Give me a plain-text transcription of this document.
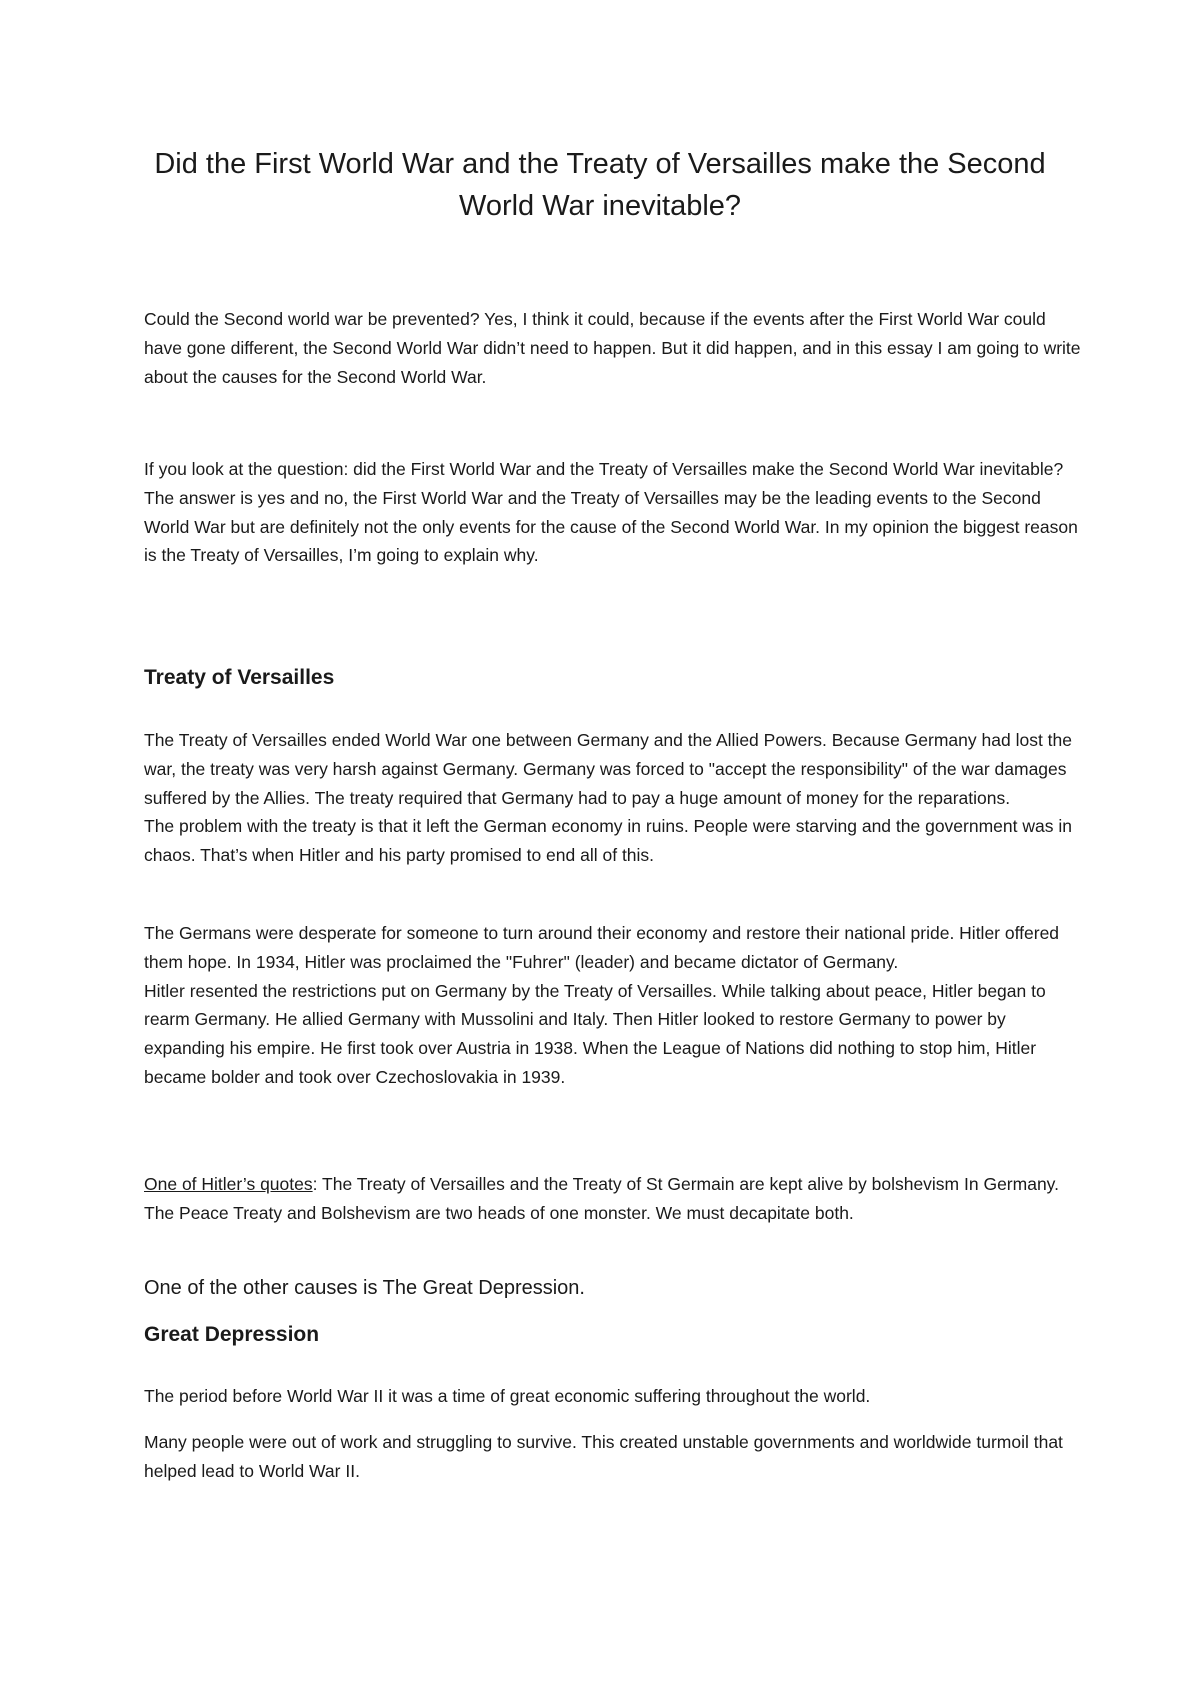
Did the First World War and the Treaty of Versailles make the Second World War inevitable?

Could the Second world war be prevented? Yes, I think it could, because if the events after the First World War could have gone different, the Second World War didn’t need to happen. But it did happen, and in this essay I am going to write about the causes for the Second World War.

If you look at the question: did the First World War and the Treaty of Versailles make the Second World War inevitable? The answer is yes and no, the First World War and the Treaty of Versailles may be the leading events to the Second World War but are definitely not the only events for the cause of the Second World War. In my opinion the biggest reason is the Treaty of Versailles, I’m going to explain why.

Treaty of Versailles
The Treaty of Versailles ended World War one between Germany and the Allied Powers. Because Germany had lost the war, the treaty was very harsh against Germany. Germany was forced to "accept the responsibility" of the war damages suffered by the Allies. The treaty required that Germany had to pay a huge amount of money for the reparations.
The problem with the treaty is that it left the German economy in ruins. People were starving and the government was in chaos. That’s when Hitler and his party promised to end all of this.
The Germans were desperate for someone to turn around their economy and restore their national pride. Hitler offered them hope. In 1934, Hitler was proclaimed the "Fuhrer" (leader) and became dictator of Germany.
Hitler resented the restrictions put on Germany by the Treaty of Versailles. While talking about peace, Hitler began to rearm Germany. He allied Germany with Mussolini and Italy. Then Hitler looked to restore Germany to power by expanding his empire. He first took over Austria in 1938. When the League of Nations did nothing to stop him, Hitler became bolder and took over Czechoslovakia in 1939.

One of Hitler’s quotes: The Treaty of Versailles and the Treaty of St Germain are kept alive by bolshevism In Germany. The Peace Treaty and Bolshevism are two heads of one monster. We must decapitate both.

One of the other causes is The Great Depression.

Great Depression

The period before World War II it was a time of great economic suffering throughout the world.

Many people were out of work and struggling to survive. This created unstable governments and worldwide turmoil that helped lead to World War II.
